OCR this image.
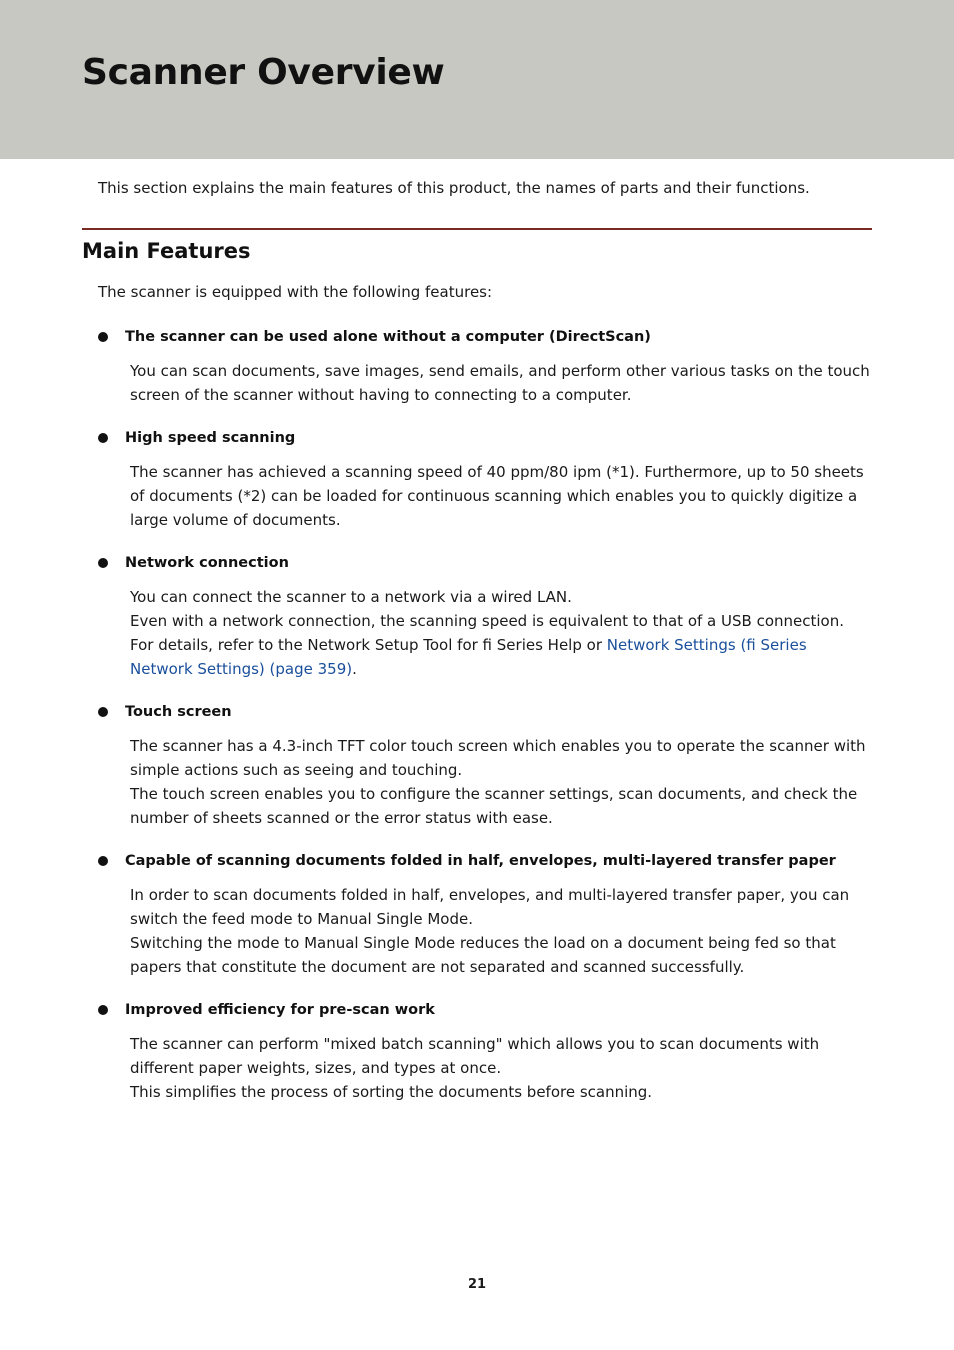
Scanner Overview

This section explains the main features of this product, the names of parts and their functions.

Main Features

The scanner is equipped with the following features:

The scanner can be used alone without a computer (DirectScan)

You can scan documents, save images, send emails, and perform other various tasks on the touch screen of the scanner without having to connecting to a computer.

High speed scanning

The scanner has achieved a scanning speed of 40 ppm/80 ipm (*1). Furthermore, up to 50 sheets of documents (*2) can be loaded for continuous scanning which enables you to quickly digitize a large volume of documents.

Network connection

You can connect the scanner to a network via a wired LAN.

Even with a network connection, the scanning speed is equivalent to that of a USB connection.

For details, refer to the Network Setup Tool for fi Series Help or Network Settings (fi Series Network Settings) (page 359).

Touch screen

The scanner has a 4.3-inch TFT color touch screen which enables you to operate the scanner with simple actions such as seeing and touching.

The touch screen enables you to configure the scanner settings, scan documents, and check the number of sheets scanned or the error status with ease.

Capable of scanning documents folded in half, envelopes, multi-layered transfer paper

In order to scan documents folded in half, envelopes, and multi-layered transfer paper, you can switch the feed mode to Manual Single Mode.

Switching the mode to Manual Single Mode reduces the load on a document being fed so that papers that constitute the document are not separated and scanned successfully.

Improved efficiency for pre-scan work

The scanner can perform "mixed batch scanning" which allows you to scan documents with different paper weights, sizes, and types at once.

This simplifies the process of sorting the documents before scanning.

21
